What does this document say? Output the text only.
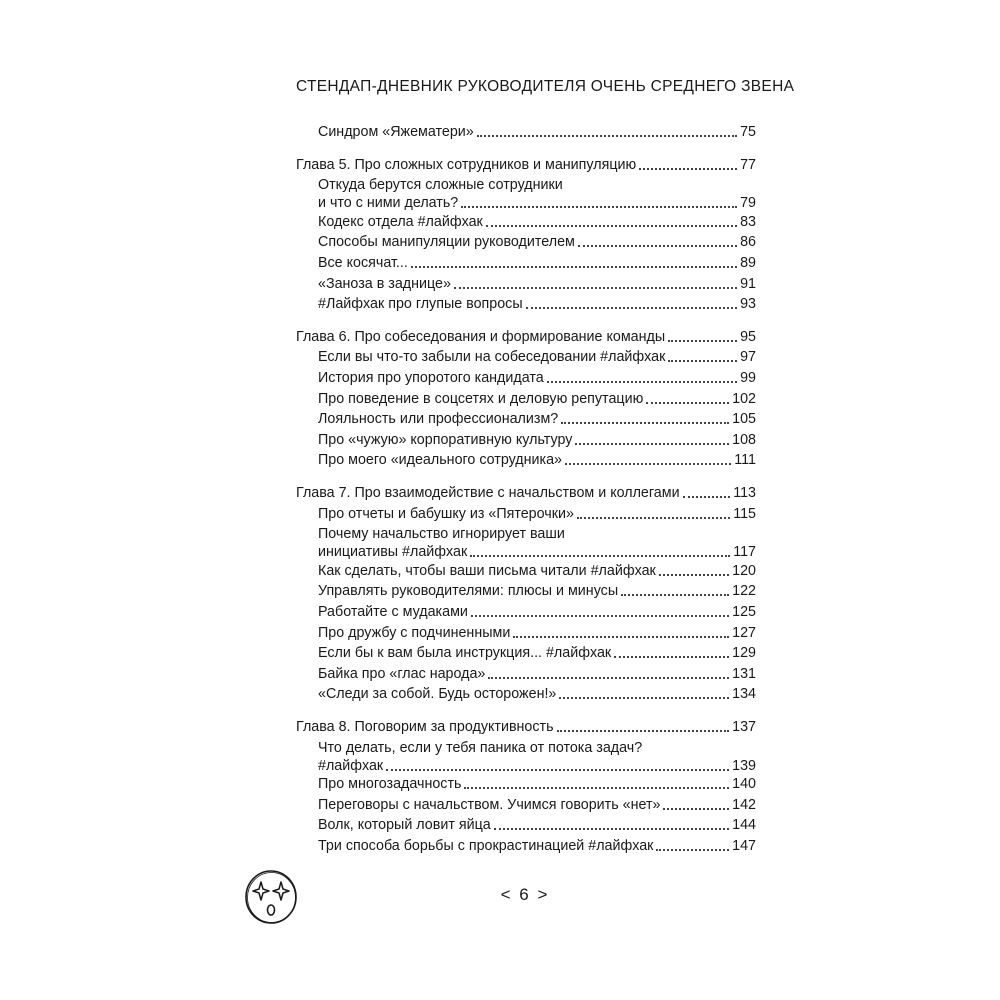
СТЕНДАП-ДНЕВНИК РУКОВОДИТЕЛЯ ОЧЕНЬ СРЕДНЕГО ЗВЕНА
Синдром «Яжематери»	75
Глава 5. Про сложных сотрудников и манипуляцию	77
Откуда берутся сложные сотрудники
и что с ними делать?	79
Кодекс отдела #лайфхак	83
Способы манипуляции руководителем	86
Все косячат...	89
«Заноза в заднице»	91
#Лайфхак про глупые вопросы	93
Глава 6. Про собеседования и формирование команды	95
Если вы что-то забыли на собеседовании #лайфхак	97
История про упоротого кандидата	99
Про поведение в соцсетях и деловую репутацию	102
Лояльность или профессионализм?	105
Про «чужую» корпоративную культуру	108
Про моего «идеального сотрудника»	111
Глава 7. Про взаимодействие с начальством и коллегами	113
Про отчеты и бабушку из «Пятерочки»	115
Почему начальство игнорирует ваши
инициативы #лайфхак	117
Как сделать, чтобы ваши письма читали #лайфхак	120
Управлять руководителями: плюсы и минусы	122
Работайте с мудаками	125
Про дружбу с подчиненными	127
Если бы к вам была инструкция... #лайфхак	129
Байка про «глас народа»	131
«Следи за собой. Будь осторожен!»	134
Глава 8. Поговорим за продуктивность	137
Что делать, если у тебя паника от потока задач?
#лайфхак	139
Про многозадачность	140
Переговоры с начальством. Учимся говорить «нет»	142
Волк, который ловит яйца	144
Три способа борьбы с прокрастинацией #лайфхак	147
< 6 >
